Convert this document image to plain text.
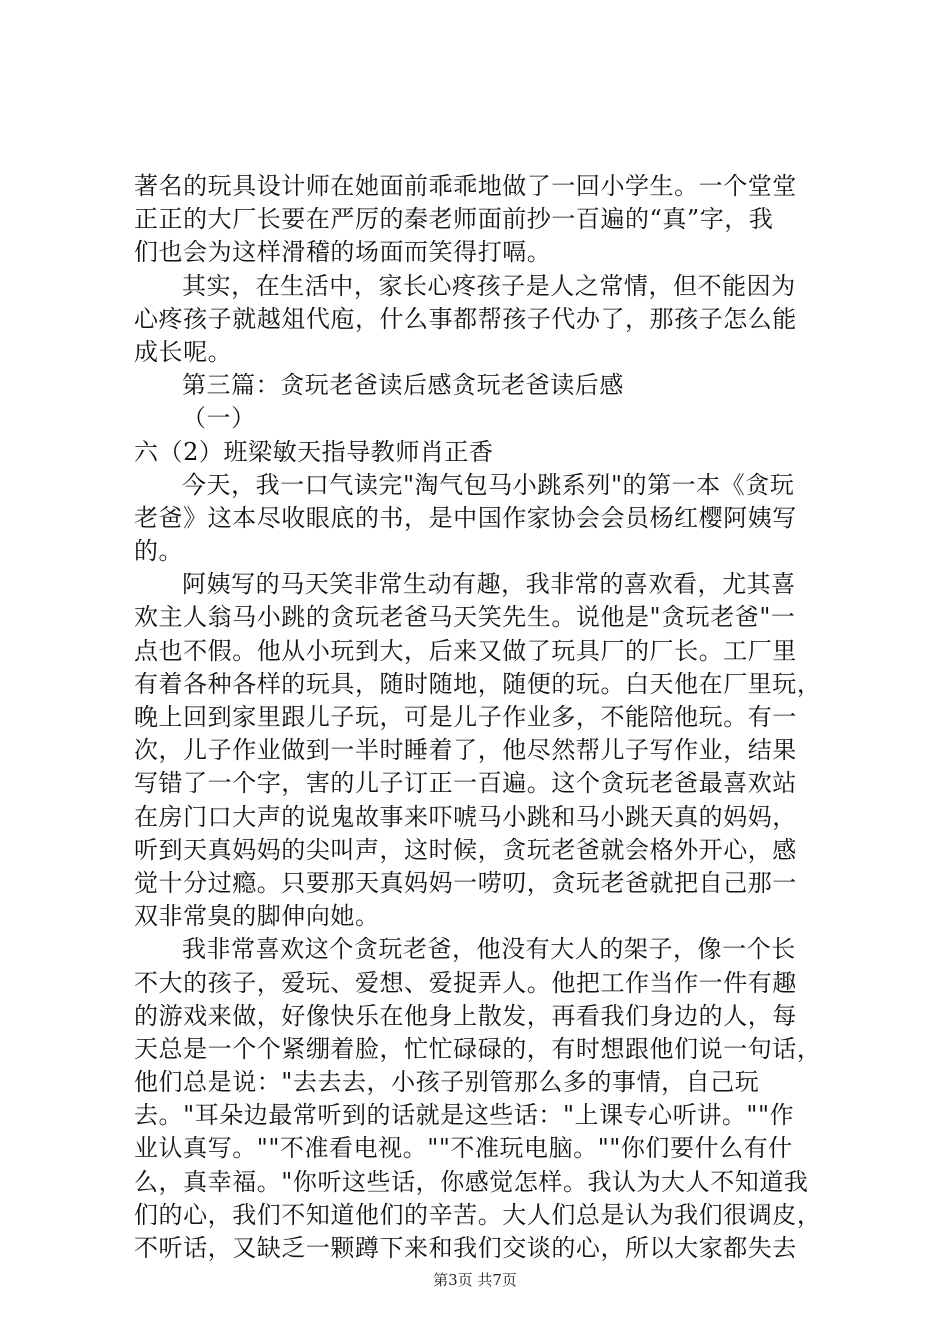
著名的玩具设计师在她面前乖乖地做了一回小学生。一个堂堂
正正的大厂长要在严厉的秦老师面前抄一百遍的“真”字，我
们也会为这样滑稽的场面而笑得打嗝。
其实，在生活中，家长心疼孩子是人之常情，但不能因为
心疼孩子就越俎代庖，什么事都帮孩子代办了，那孩子怎么能
成长呢。
第三篇：贪玩老爸读后感贪玩老爸读后感
（一）
六（2）班梁敏天指导教师肖正香
今天，我一口气读完"淘气包马小跳系列"的第一本《贪玩
老爸》这本尽收眼底的书，是中国作家协会会员杨红樱阿姨写
的。
阿姨写的马天笑非常生动有趣，我非常的喜欢看，尤其喜
欢主人翁马小跳的贪玩老爸马天笑先生。说他是"贪玩老爸"一
点也不假。他从小玩到大，后来又做了玩具厂的厂长。工厂里
有着各种各样的玩具，随时随地，随便的玩。白天他在厂里玩，
晚上回到家里跟儿子玩，可是儿子作业多，不能陪他玩。有一
次，儿子作业做到一半时睡着了，他尽然帮儿子写作业，结果
写错了一个字，害的儿子订正一百遍。这个贪玩老爸最喜欢站
在房门口大声的说鬼故事来吓唬马小跳和马小跳天真的妈妈，
听到天真妈妈的尖叫声，这时候，贪玩老爸就会格外开心，感
觉十分过瘾。只要那天真妈妈一唠叨，贪玩老爸就把自己那一
双非常臭的脚伸向她。
我非常喜欢这个贪玩老爸，他没有大人的架子，像一个长
不大的孩子，爱玩、爱想、爱捉弄人。他把工作当作一件有趣
的游戏来做，好像快乐在他身上散发，再看我们身边的人，每
天总是一个个紧绷着脸，忙忙碌碌的，有时想跟他们说一句话，
他们总是说："去去去，小孩子别管那么多的事情，自己玩
去。"耳朵边最常听到的话就是这些话："上课专心听讲。""作
业认真写。""不准看电视。""不准玩电脑。""你们要什么有什
么，真幸福。"你听这些话，你感觉怎样。我认为大人不知道我
们的心，我们不知道他们的辛苦。大人们总是认为我们很调皮，
不听话，又缺乏一颗蹲下来和我们交谈的心，所以大家都失去
第3页 共7页
